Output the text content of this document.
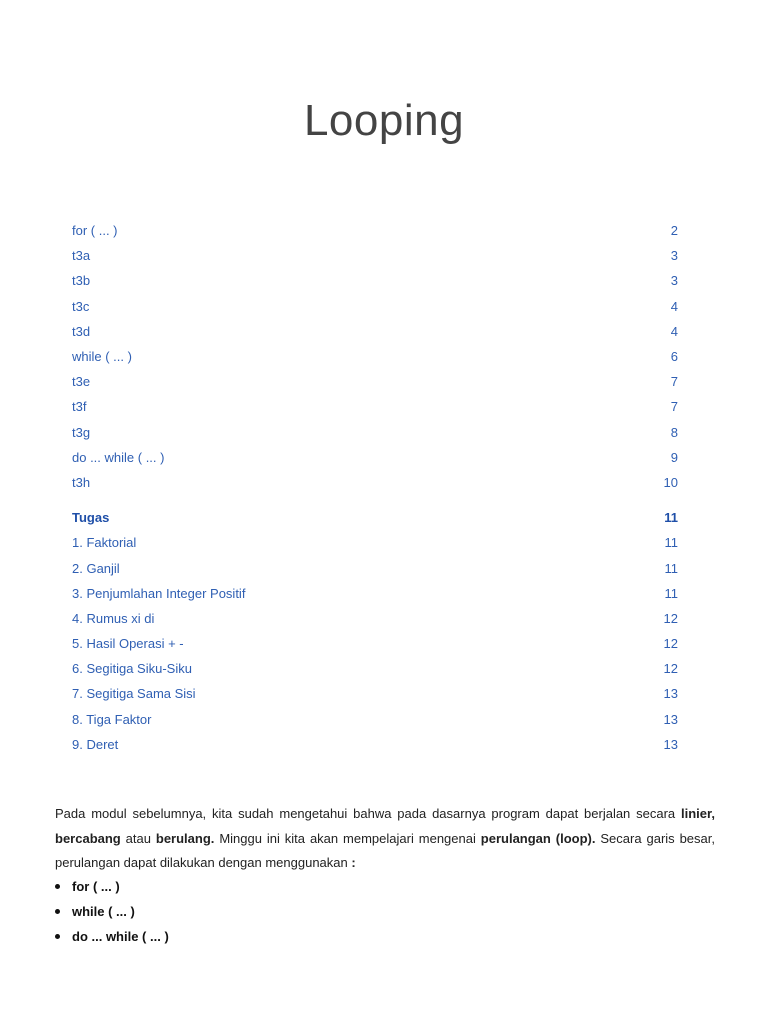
Looping
for ( ... )	2
t3a	3
t3b	3
t3c	4
t3d	4
while ( ... )	6
t3e	7
t3f	7
t3g	8
do ... while ( ... )	9
t3h	10
Tugas	11
1. Faktorial	11
2. Ganjil	11
3. Penjumlahan Integer Positif	11
4. Rumus xi di	12
5. Hasil Operasi + -	12
6. Segitiga Siku-Siku	12
7. Segitiga Sama Sisi	13
8. Tiga Faktor	13
9. Deret	13

Pada modul sebelumnya, kita sudah mengetahui bahwa pada dasarnya program dapat berjalan secara linier, bercabang atau berulang. Minggu ini kita akan mempelajari mengenai perulangan (loop). Secara garis besar, perulangan dapat dilakukan dengan menggunakan :

for ( ... )
while ( ... )
do ... while ( ... )
